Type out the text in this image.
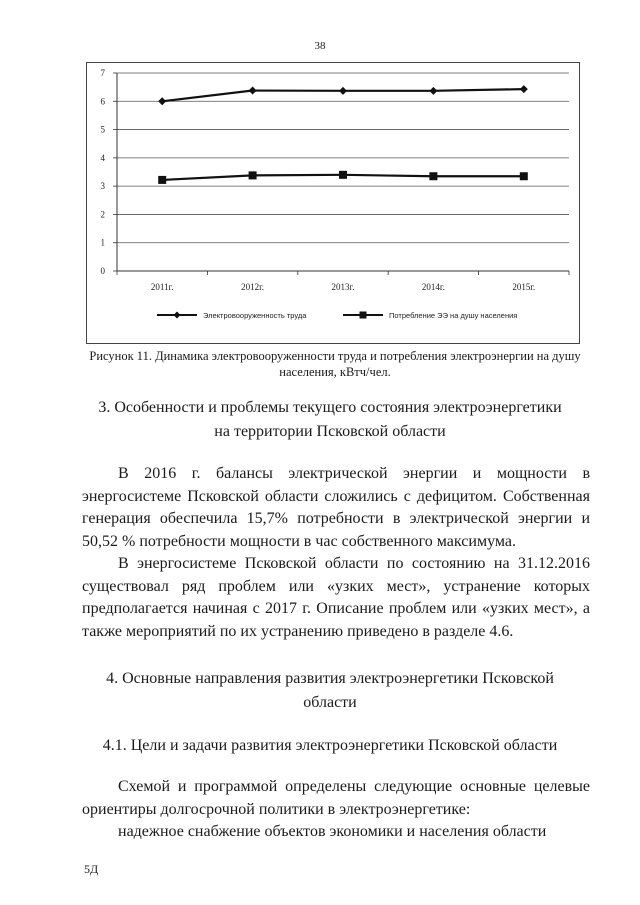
38
0
1
2
3
4
5
6
7
2011г.	2012г.	2013г.	2014г.	2015г.
Электровооруженность труда	Потребление ЭЭ на душу населения
Рисунок 11. Динамика электровооруженности труда и потребления электроэнергии на душу
населения, кВтч/чел.
3. Особенности и проблемы текущего состояния электроэнергетики
на территории Псковской области

В 2016 г. балансы электрической энергии и мощности в энергосистеме Псковской области сложились с дефицитом. Собственная генерация обеспечила 15,7% потребности в электрической энергии и 50,52 % потребности мощности в час собственного максимума.

В энергосистеме Псковской области по состоянию на 31.12.2016 существовал ряд проблем или «узких мест», устранение которых предполагается начиная с 2017 г. Описание проблем или «узких мест», а также мероприятий по их устранению приведено в разделе 4.6.

4. Основные направления развития электроэнергетики Псковской
области
4.1. Цели и задачи развития электроэнергетики Псковской области

Схемой и программой определены следующие основные целевые ориентиры долгосрочной политики в электроэнергетике:

надежное снабжение объектов экономики и населения области

5Д
